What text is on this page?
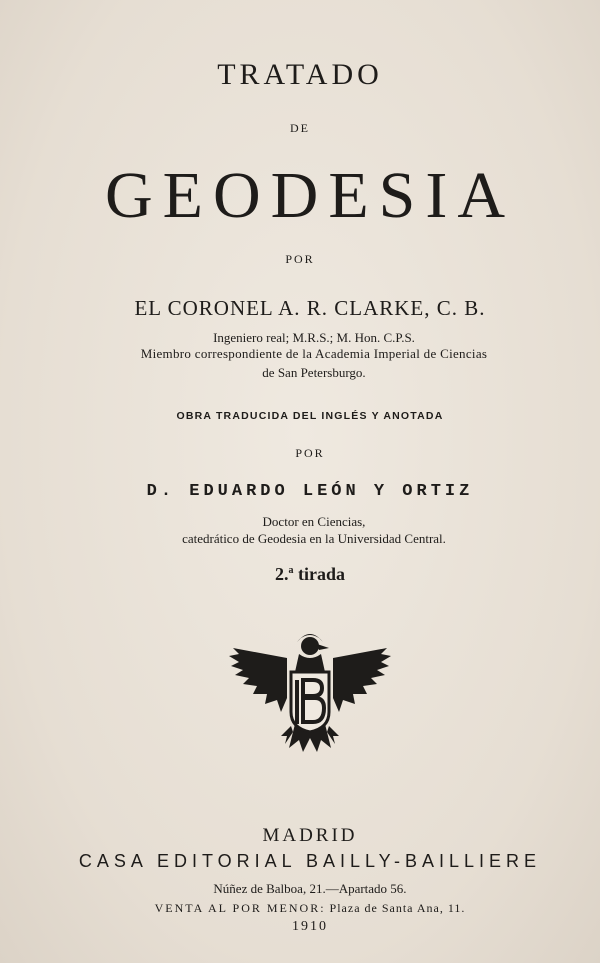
TRATADO
DE
GEODESIA
POR
EL CORONEL A. R. CLARKE, C. B.
Ingeniero real; M.R.S.; M. Hon. C.P.S.
Miembro correspondiente de la Academia Imperial de Ciencias
de San Petersburgo.
OBRA TRADUCIDA DEL INGLÉS Y ANOTADA
POR
D. EDUARDO LEÓN Y ORTIZ
Doctor en Ciencias,
catedrático de Geodesia en la Universidad Central.
2.$^a$ tirada
MADRID
CASA EDITORIAL BAILLY-BAILLIERE
Núñez de Balboa, 21.—Apartado 56.
VENTA AL POR MENOR: Plaza de Santa Ana, 11.
1910
